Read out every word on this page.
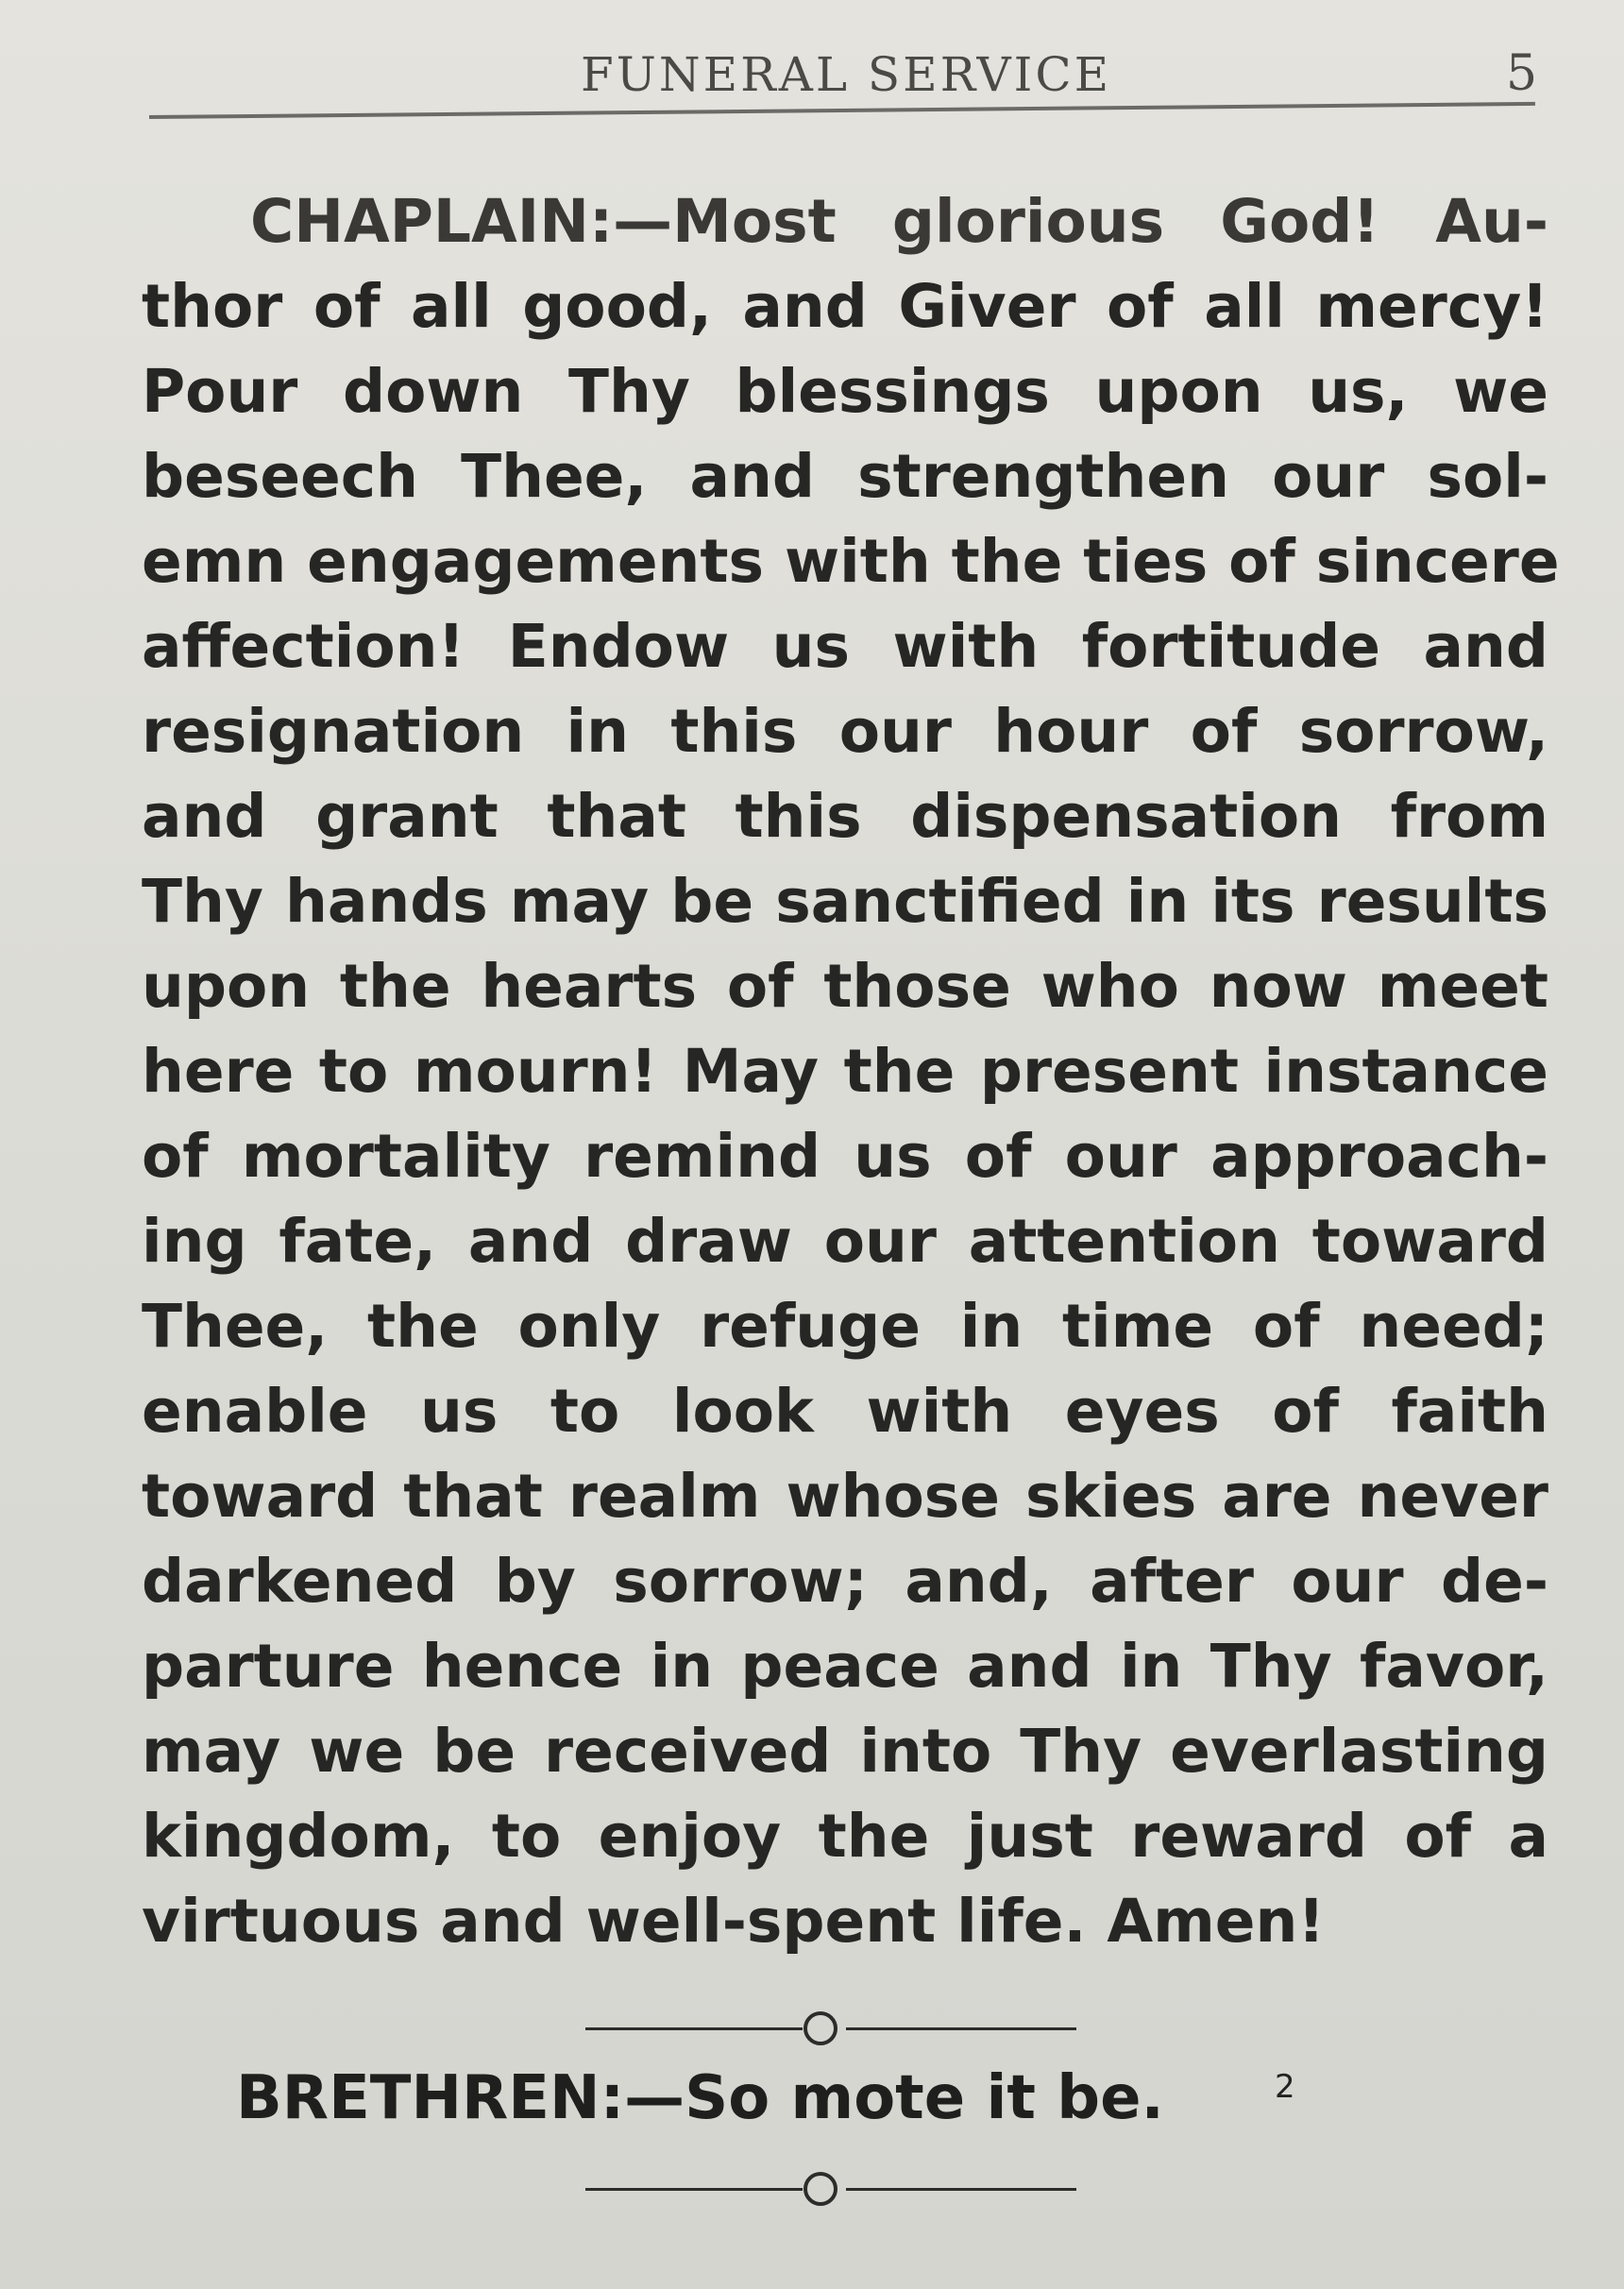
FUNERAL SERVICE	5
CHAPLAIN:—Most glorious God! Au-
thor of all good, and Giver of all mercy!
Pour down Thy blessings upon us, we
beseech Thee, and strengthen our sol-
emn engagements with the ties of sincere
affection! Endow us with fortitude and
resignation in this our hour of sorrow,
and grant that this dispensation from
Thy hands may be sanctified in its results
upon the hearts of those who now meet
here to mourn! May the present instance
of mortality remind us of our approach-
ing fate, and draw our attention toward
Thee, the only refuge in time of need;
enable us to look with eyes of faith
toward that realm whose skies are never
darkened by sorrow; and, after our de-
parture hence in peace and in Thy favor,
may we be received into Thy everlasting
kingdom, to enjoy the just reward of a
virtuous and well-spent life. Amen!
BRETHREN:—So mote it be.	2
